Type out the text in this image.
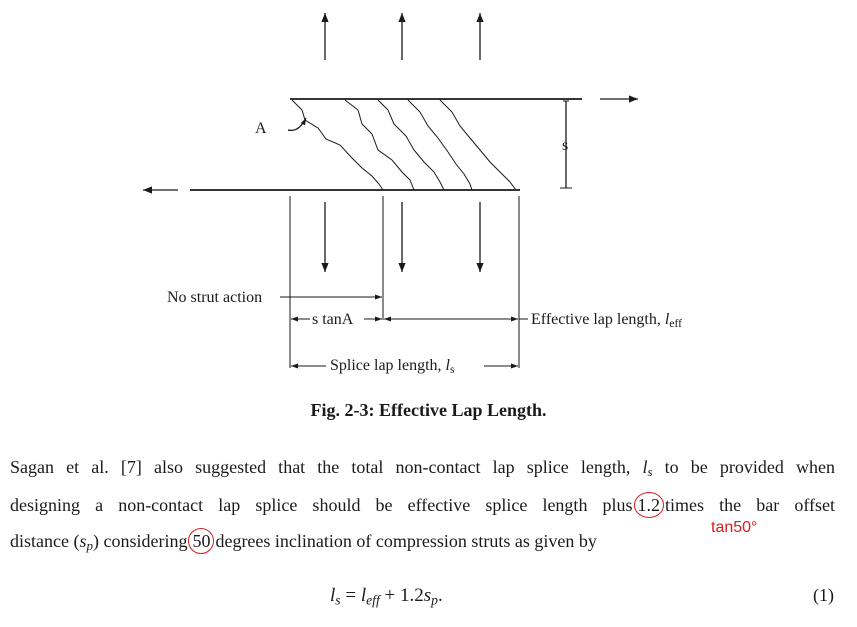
A
s
No strut action
s tanA	Effective lap length, $l_{eff}$
Splice lap length, $l_s$
Fig. 2-3: Effective Lap Length.
Sagan et al. [7] also suggested that the total non-contact lap splice length, $l_s$ to be provided when
designing a non-contact lap splice should be effective splice length plus 1.2 times the bar offset
distance $(s_p)$ considering 50 degrees inclination of compression struts as given by
tan50°
$l_s = l_{eff} + 1.2s_p$.	(1)
